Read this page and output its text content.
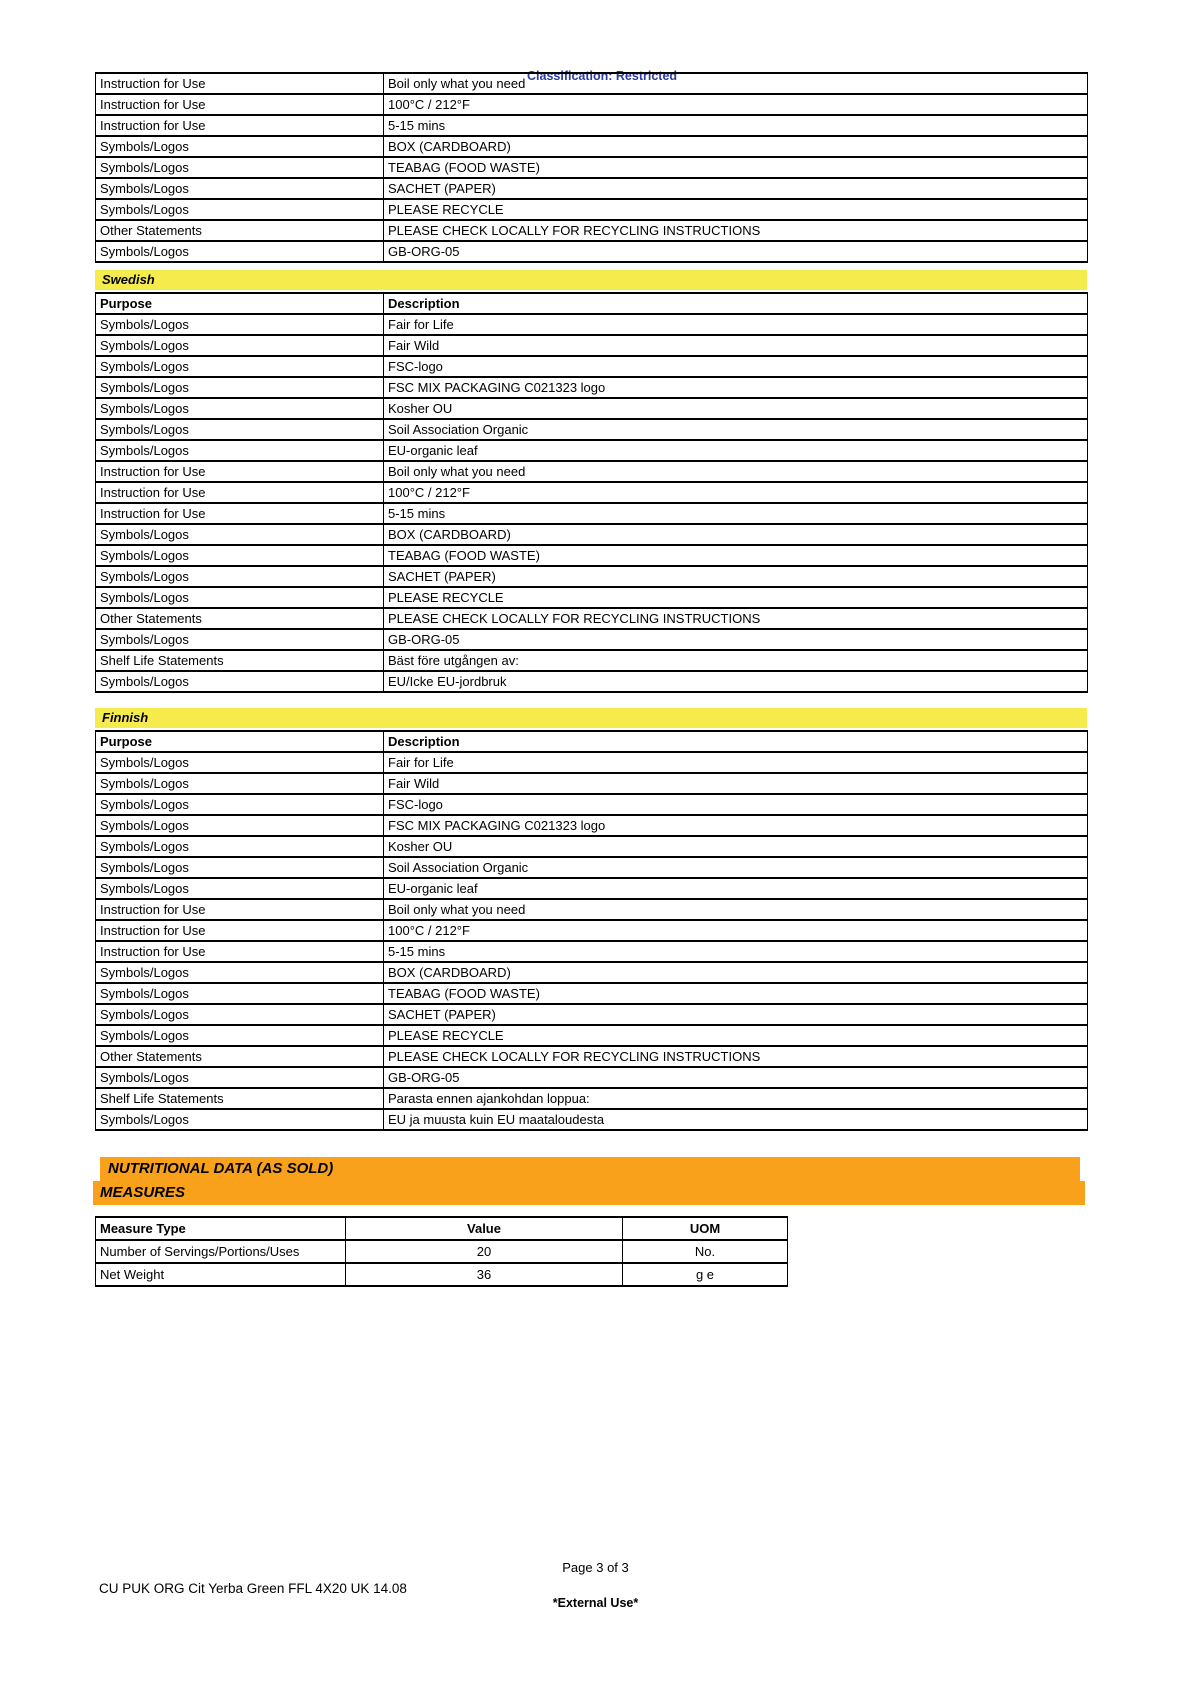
Classification: Restricted
Instruction for Use	Boil only what you need
Instruction for Use	100°C / 212°F
Instruction for Use	5-15 mins
Symbols/Logos	BOX (CARDBOARD)
Symbols/Logos	TEABAG (FOOD WASTE)
Symbols/Logos	SACHET (PAPER)
Symbols/Logos	PLEASE RECYCLE
Other Statements	PLEASE CHECK LOCALLY FOR RECYCLING INSTRUCTIONS
Symbols/Logos	GB-ORG-05
Swedish
Purpose	Description
Symbols/Logos	Fair for Life
Symbols/Logos	Fair Wild
Symbols/Logos	FSC-logo
Symbols/Logos	FSC MIX PACKAGING C021323 logo
Symbols/Logos	Kosher OU
Symbols/Logos	Soil Association Organic
Symbols/Logos	EU-organic leaf
Instruction for Use	Boil only what you need
Instruction for Use	100°C / 212°F
Instruction for Use	5-15 mins
Symbols/Logos	BOX (CARDBOARD)
Symbols/Logos	TEABAG (FOOD WASTE)
Symbols/Logos	SACHET (PAPER)
Symbols/Logos	PLEASE RECYCLE
Other Statements	PLEASE CHECK LOCALLY FOR RECYCLING INSTRUCTIONS
Symbols/Logos	GB-ORG-05
Shelf Life Statements	Bäst före utgången av:
Symbols/Logos	EU/Icke EU-jordbruk
Finnish
Purpose	Description
Symbols/Logos	Fair for Life
Symbols/Logos	Fair Wild
Symbols/Logos	FSC-logo
Symbols/Logos	FSC MIX PACKAGING C021323 logo
Symbols/Logos	Kosher OU
Symbols/Logos	Soil Association Organic
Symbols/Logos	EU-organic leaf
Instruction for Use	Boil only what you need
Instruction for Use	100°C / 212°F
Instruction for Use	5-15 mins
Symbols/Logos	BOX (CARDBOARD)
Symbols/Logos	TEABAG (FOOD WASTE)
Symbols/Logos	SACHET (PAPER)
Symbols/Logos	PLEASE RECYCLE
Other Statements	PLEASE CHECK LOCALLY FOR RECYCLING INSTRUCTIONS
Symbols/Logos	GB-ORG-05
Shelf Life Statements	Parasta ennen ajankohdan loppua:
Symbols/Logos	EU ja muusta kuin EU maataloudesta
NUTRITIONAL DATA (AS SOLD)
MEASURES
Measure Type	Value	UOM
Number of Servings/Portions/Uses	20	No.
Net Weight	36	g e
Page 3 of 3
CU PUK ORG Cit Yerba Green FFL 4X20 UK 14.08
*External Use*
